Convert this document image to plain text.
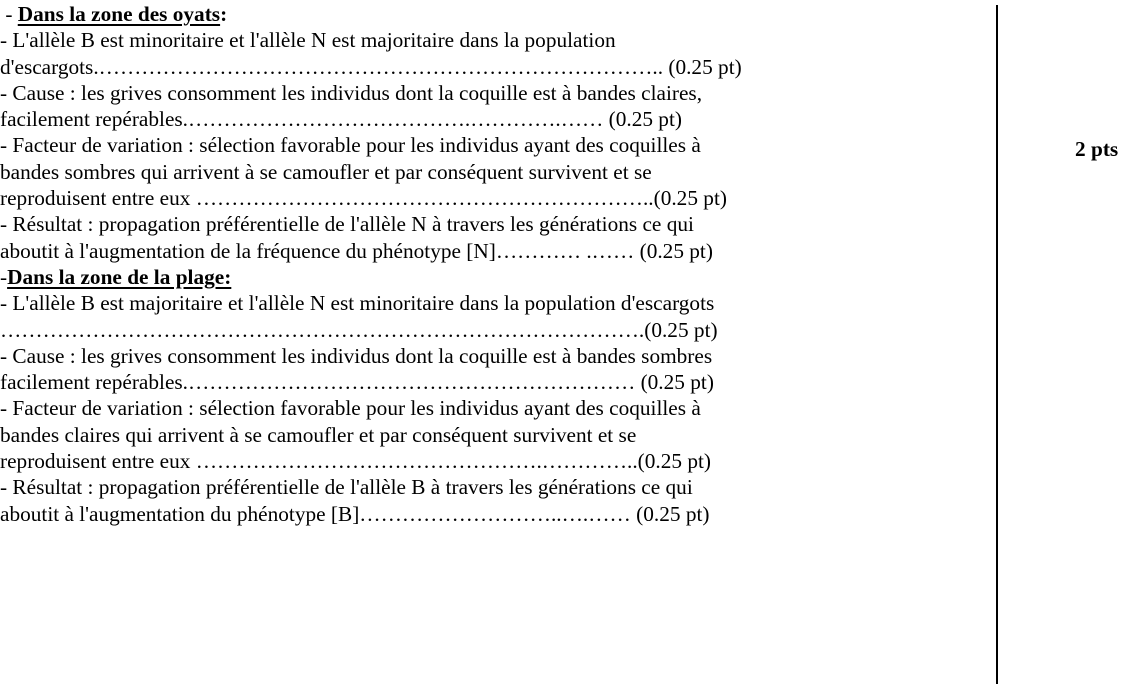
- Dans la zone des oyats:
- L'allèle B est minoritaire et l'allèle N est majoritaire dans la population
d'escargots.…………………………………………………………………….. (0.25 pt)
- Cause : les grives consomment les individus dont la coquille est à bandes claires,
facilement repérables.………………………………….………….…… (0.25 pt)
- Facteur de variation : sélection favorable pour les individus ayant des coquilles à
bandes sombres qui arrivent à se camoufler et par conséquent survivent et se
reproduisent entre eux ………………………………………………………..(0.25 pt)
- Résultat : propagation préférentielle de l'allèle N à travers les générations ce qui
aboutit à l'augmentation de la fréquence du phénotype [N]………… .…… (0.25 pt)
-Dans la zone de la plage:
- L'allèle B est majoritaire et l'allèle N est minoritaire dans la population d'escargots
……………………………………………………………………………….(0.25 pt)
- Cause : les grives consomment les individus dont la coquille est à bandes sombres
facilement repérables.……………………………………………………… (0.25 pt)
- Facteur de variation : sélection favorable pour les individus ayant des coquilles à
bandes claires qui arrivent à se camoufler et par conséquent survivent et se
reproduisent entre eux ………………………………………….…………..(0.25 pt)
- Résultat : propagation préférentielle de l'allèle B à travers les générations ce qui
aboutit à l'augmentation du phénotype [B]………………………..….…… (0.25 pt)
2 pts
